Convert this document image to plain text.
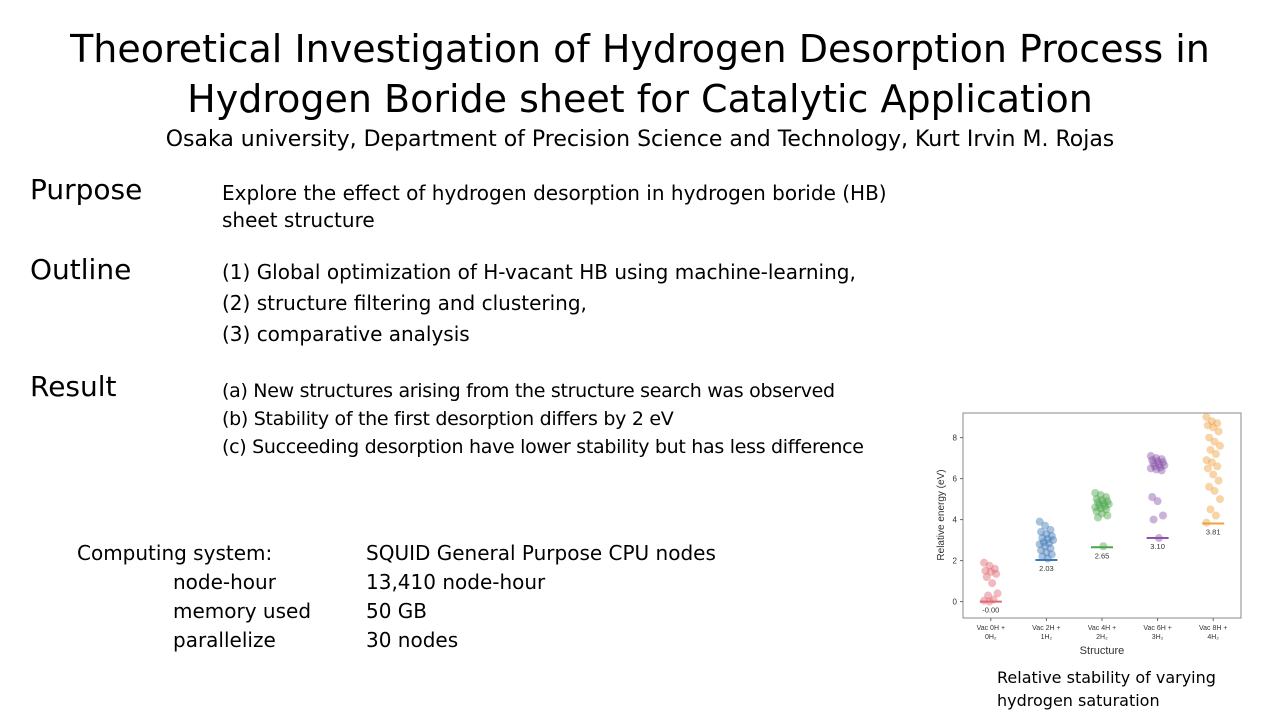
Theoretical Investigation of Hydrogen Desorption Process in
Hydrogen Boride sheet for Catalytic Application
Osaka university, Department of Precision Science and Technology, Kurt Irvin M. Rojas
Purpose	Explore the effect of hydrogen desorption in hydrogen boride (HB)
sheet structure
Outline	(1) Global optimization of H-vacant HB using machine-learning,
(2) structure filtering and clustering,
(3) comparative analysis
Result	(a) New structures arising from the structure search was observed
(b) Stability of the first desorption differs by 2 eV
(c) Succeeding desorption have lower stability but has less difference
Computing system:	SQUID General Purpose CPU nodes
node-hour	13,410 node-hour
memory used	50 GB
parallelize	30 nodes
0
2
4
6
8
Vac 0H +
0H₂
Vac 2H +
1H₂
Vac 4H +
2H₂
Vac 6H +
3H₂
Vac 8H +
4H₂
-0.00
2.03
2.65
3.10
3.81
Relative energy (eV)
Structure
Relative stability of varying
hydrogen saturation
